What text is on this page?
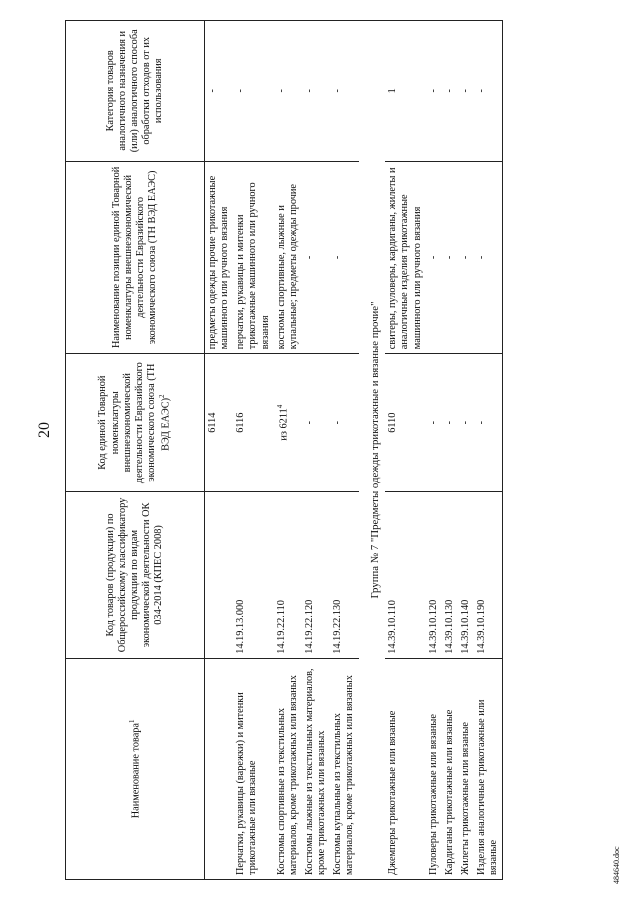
20
Наименование товара$^1$	Код товаров (продукции) по Общероссийскому классификатору продукции по видам экономической деятельности ОК 034-2014 (КПЕС 2008)	Код единой Товарной номенклатуры внешнеэкономической деятельности Евразийского экономического союза (ТН ВЭД ЕАЭС)$^2$	Наименование позиции единой Товарной номенклатуры внешнеэкономической деятельности Евразийского экономического союза (ТН ВЭД ЕАЭС)	Категория товаров аналогичного назначения и (или) аналогичного способа обработки отходов от их использования
		6114	предметы одежды прочие трикотажные машинного или ручного вязания	-
Перчатки, рукавицы (варежки) и митенки трикотажные или вязаные	14.19.13.000	6116	перчатки, рукавицы и митенки трикотажные машинного или ручного вязания	-
Костюмы спортивные из текстильных материалов, кроме трикотажных или вязаных	14.19.22.110	из 6211$^4$	костюмы спортивные, лыжные и купальные; предметы одежды прочие	-
Костюмы лыжные из текстильных материалов, кроме трикотажных или вязаных	14.19.22.120	-	-	-
Костюмы купальные из текстильных материалов, кроме трикотажных или вязаных	14.19.22.130	-	-	-
Группа № 7 "Предметы одежды трикотажные и вязаные прочие"				
Джемперы трикотажные или вязаные	14.39.10.110	6110	свитеры, пуловеры, кардиганы, жилеты и аналогичные изделия трикотажные машинного или ручного вязания	1
Пуловеры трикотажные или вязаные	14.39.10.120	-	-	-
Кардиганы трикотажные или вязаные	14.39.10.130	-	-	-
Жилеты трикотажные или вязаные	14.39.10.140	-	-	-
Изделия аналогичные трикотажные или вязаные	14.39.10.190	-	-	-
484640.doc
